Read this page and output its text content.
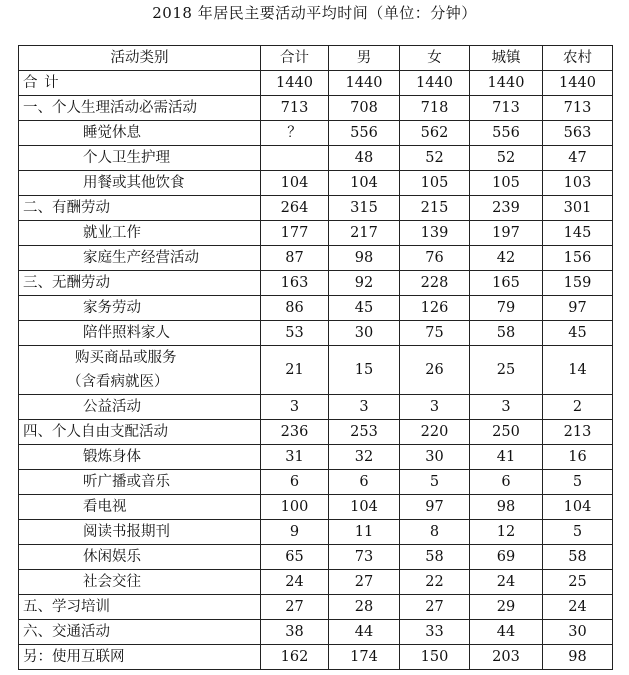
2018 年居民主要活动平均时间（单位：分钟）
活动类别	合计	男	女	城镇	农村
合 计	1440	1440	1440	1440	1440
一、个人生理活动必需活动	713	708	718	713	713
睡觉休息	？	556	562	556	563
个人卫生护理		48	52	52	47
用餐或其他饮食	104	104	105	105	103
二、有酬劳动	264	315	215	239	301
就业工作	177	217	139	197	145
家庭生产经营活动	87	98	76	42	156
三、无酬劳动	163	92	228	165	159
家务劳动	86	45	126	79	97
陪伴照料家人	53	30	75	58	45

购买商品或服务
（含看病就医）	21	15	26	25	14
公益活动	3	3	3	3	2
四、个人自由支配活动	236	253	220	250	213
锻炼身体	31	32	30	41	16
听广播或音乐	6	6	5	6	5
看电视	100	104	97	98	104
阅读书报期刊	9	11	8	12	5
休闲娱乐	65	73	58	69	58
社会交往	24	27	22	24	25
五、学习培训	27	28	27	29	24
六、交通活动	38	44	33	44	30
另：使用互联网	162	174	150	203	98
